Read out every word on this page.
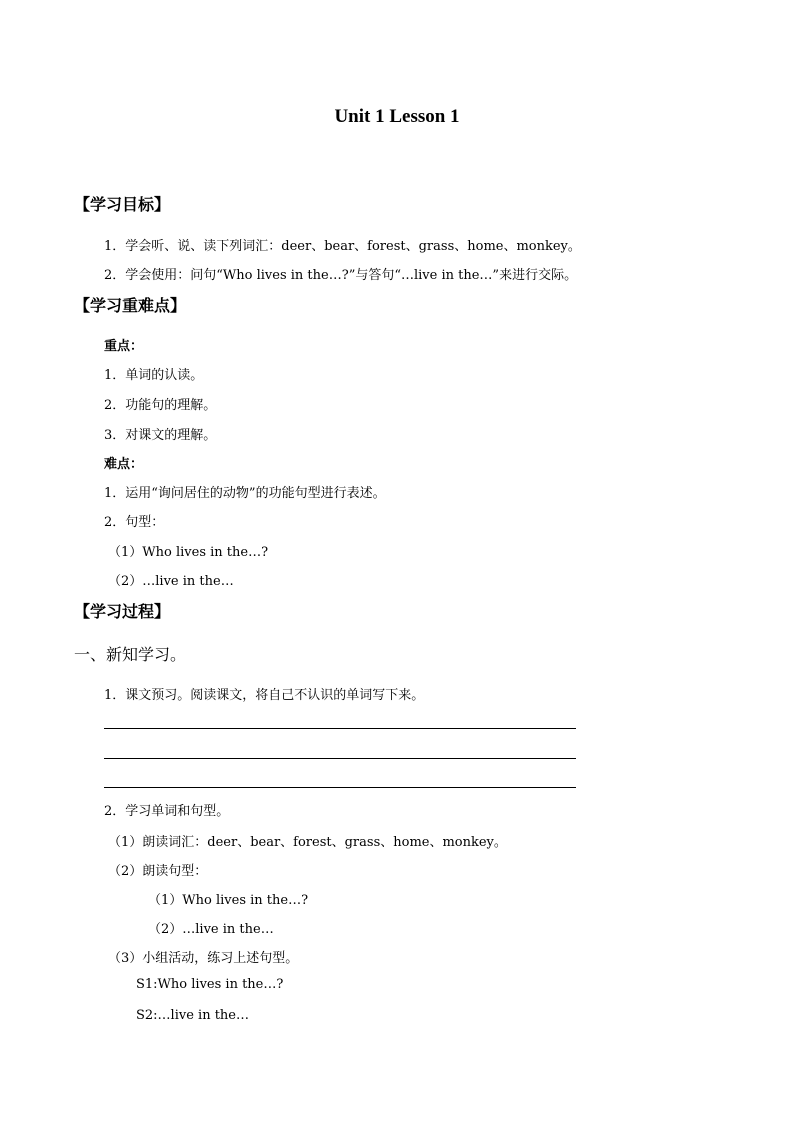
Unit 1 Lesson 1
【学习目标】
1．学会听、说、读下列词汇：deer、bear、forest、grass、home、monkey。
2．学会使用：问句“Who lives in the…?”与答句“…live in the…”来进行交际。
【学习重难点】
重点：
1．单词的认读。
2．功能句的理解。
3．对课文的理解。
难点：
1．运用“询问居住的动物”的功能句型进行表述。
2．句型：
（1）Who lives in the…?
（2）…live in the…
【学习过程】
一、新知学习。
1．课文预习。阅读课文，将自己不认识的单词写下来。
2．学习单词和句型。
（1）朗读词汇：deer、bear、forest、grass、home、monkey。
（2）朗读句型：
（1）Who lives in the…?
（2）…live in the…
（3）小组活动，练习上述句型。
S1:Who lives in the…?
S2:…live in the…
